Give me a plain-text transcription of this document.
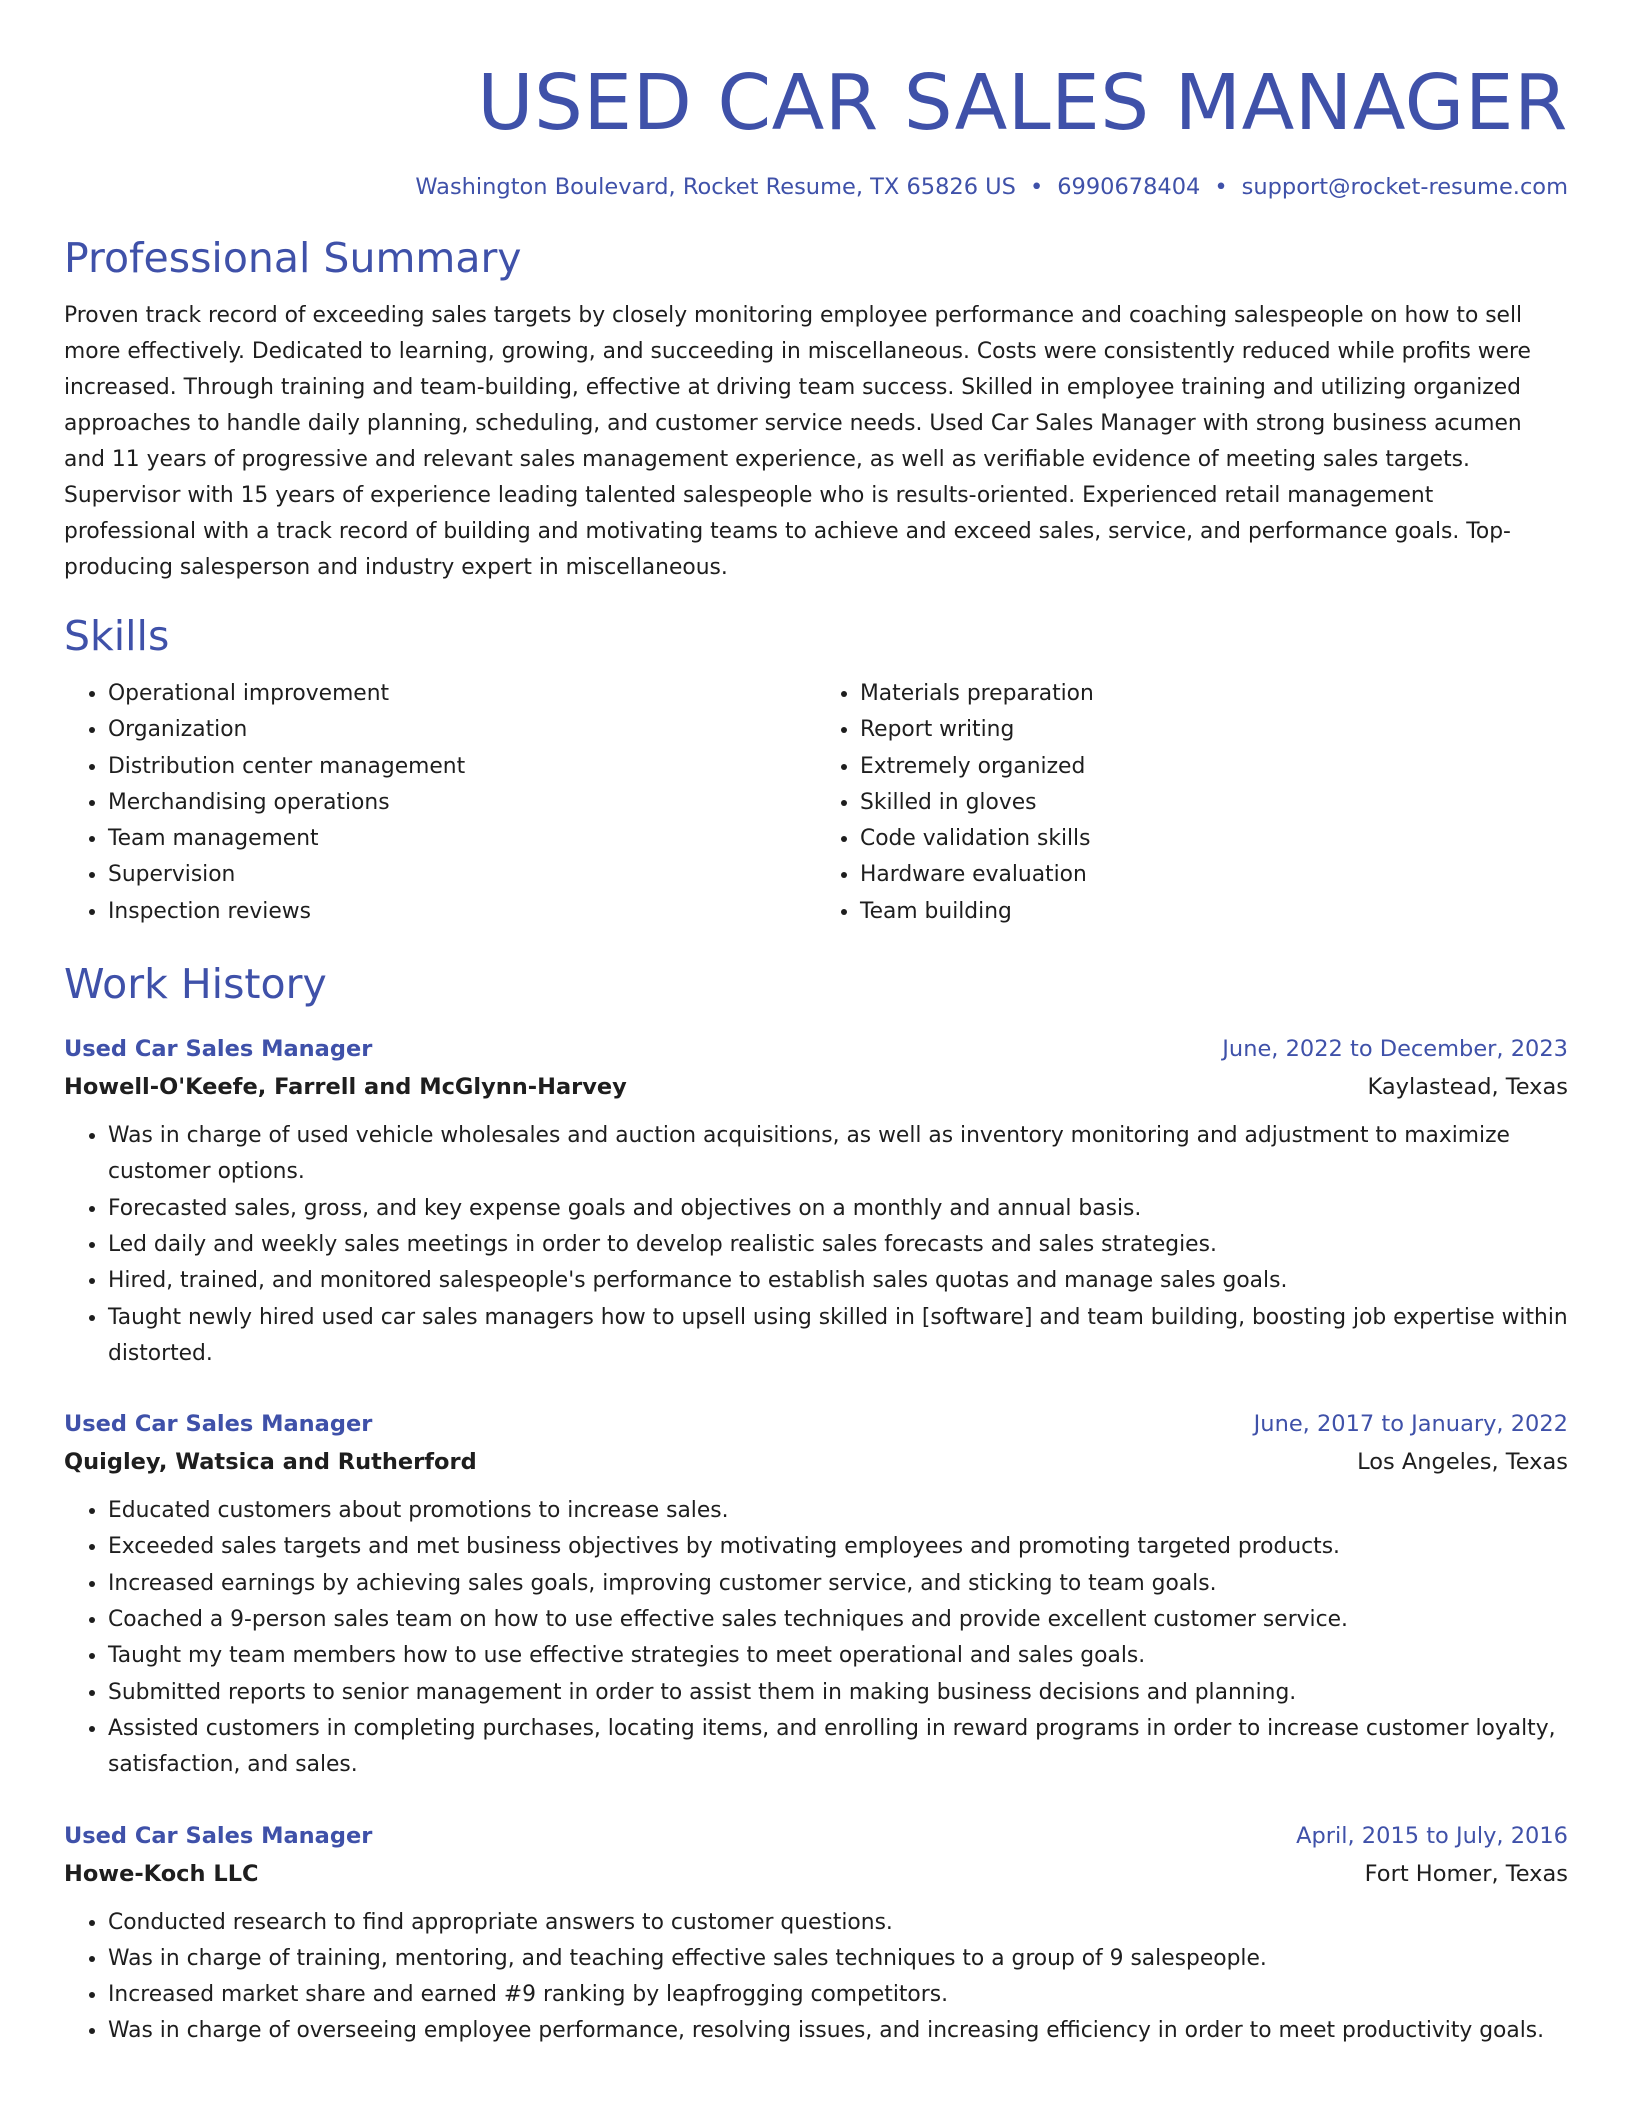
USED CAR SALES MANAGER
Washington Boulevard, Rocket Resume, TX 65826 US • 6990678404 • support@rocket-resume.com
Professional Summary
Proven track record of exceeding sales targets by closely monitoring employee performance and coaching salespeople on how to sell more effectively. Dedicated to learning, growing, and succeeding in miscellaneous. Costs were consistently reduced while profits were increased. Through training and team-building, effective at driving team success. Skilled in employee training and utilizing organized approaches to handle daily planning, scheduling, and customer service needs. Used Car Sales Manager with strong business acumen and 11 years of progressive and relevant sales management experience, as well as verifiable evidence of meeting sales targets. Supervisor with 15 years of experience leading talented salespeople who is results-oriented. Experienced retail management professional with a track record of building and motivating teams to achieve and exceed sales, service, and performance goals. Top-producing salesperson and industry expert in miscellaneous.
Skills
• Operational improvement
• Organization
• Distribution center management
• Merchandising operations
• Team management
• Supervision
• Inspection reviews
• Materials preparation
• Report writing
• Extremely organized
• Skilled in gloves
• Code validation skills
• Hardware evaluation
• Team building
Work History
Used Car Sales Manager	June, 2022 to December, 2023
Howell-O'Keefe, Farrell and McGlynn-Harvey	Kaylastead, Texas
• Was in charge of used vehicle wholesales and auction acquisitions, as well as inventory monitoring and adjustment to maximize customer options.
• Forecasted sales, gross, and key expense goals and objectives on a monthly and annual basis.
• Led daily and weekly sales meetings in order to develop realistic sales forecasts and sales strategies.
• Hired, trained, and monitored salespeople's performance to establish sales quotas and manage sales goals.
• Taught newly hired used car sales managers how to upsell using skilled in [software] and team building, boosting job expertise within distorted.
Used Car Sales Manager	June, 2017 to January, 2022
Quigley, Watsica and Rutherford	Los Angeles, Texas
• Educated customers about promotions to increase sales.
• Exceeded sales targets and met business objectives by motivating employees and promoting targeted products.
• Increased earnings by achieving sales goals, improving customer service, and sticking to team goals.
• Coached a 9-person sales team on how to use effective sales techniques and provide excellent customer service.
• Taught my team members how to use effective strategies to meet operational and sales goals.
• Submitted reports to senior management in order to assist them in making business decisions and planning.
• Assisted customers in completing purchases, locating items, and enrolling in reward programs in order to increase customer loyalty, satisfaction, and sales.
Used Car Sales Manager	April, 2015 to July, 2016
Howe-Koch LLC	Fort Homer, Texas
• Conducted research to find appropriate answers to customer questions.
• Was in charge of training, mentoring, and teaching effective sales techniques to a group of 9 salespeople.
• Increased market share and earned #9 ranking by leapfrogging competitors.
• Was in charge of overseeing employee performance, resolving issues, and increasing efficiency in order to meet productivity goals.
